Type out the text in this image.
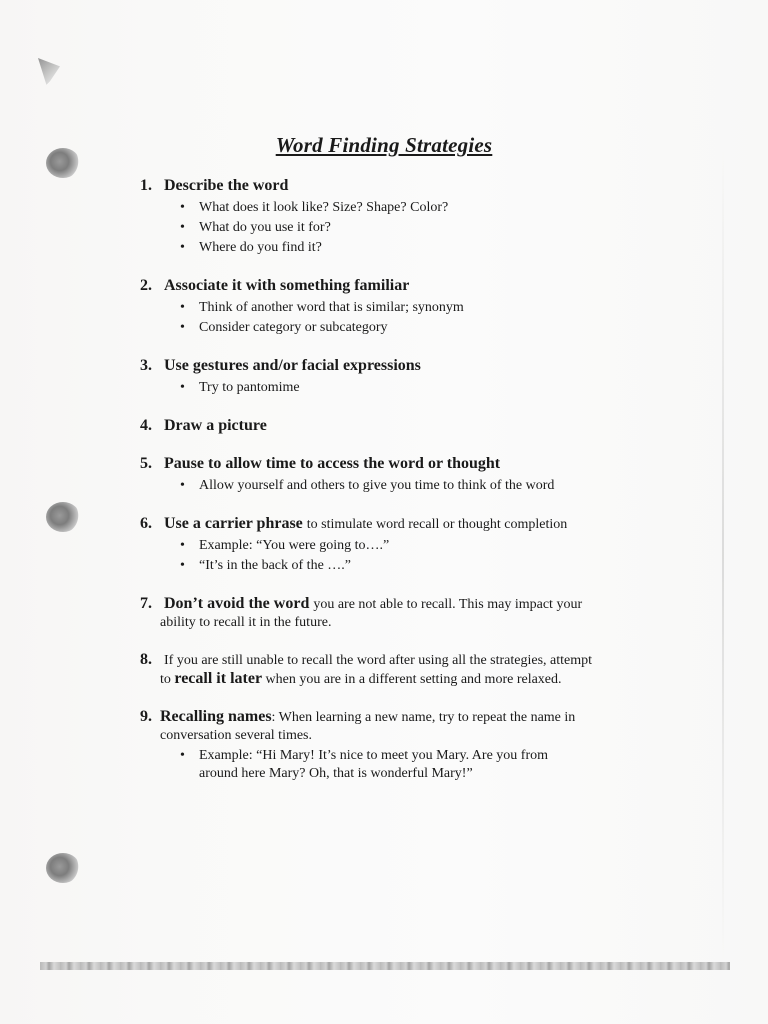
Word Finding Strategies
1. Describe the word
• What does it look like? Size? Shape? Color?
• What do you use it for?
• Where do you find it?
2. Associate it with something familiar
• Think of another word that is similar; synonym
• Consider category or subcategory
3. Use gestures and/or facial expressions
• Try to pantomime
4. Draw a picture
5. Pause to allow time to access the word or thought
• Allow yourself and others to give you time to think of the word
6. Use a carrier phrase to stimulate word recall or thought completion
• Example: “You were going to….”
• “It’s in the back of the ….”
7. Don’t avoid the word you are not able to recall. This may impact your
ability to recall it in the future.
8. If you are still unable to recall the word after using all the strategies, attempt
to recall it later when you are in a different setting and more relaxed.
9. Recalling names: When learning a new name, try to repeat the name in
conversation several times.
• Example: “Hi Mary! It’s nice to meet you Mary. Are you from
around here Mary? Oh, that is wonderful Mary!”
